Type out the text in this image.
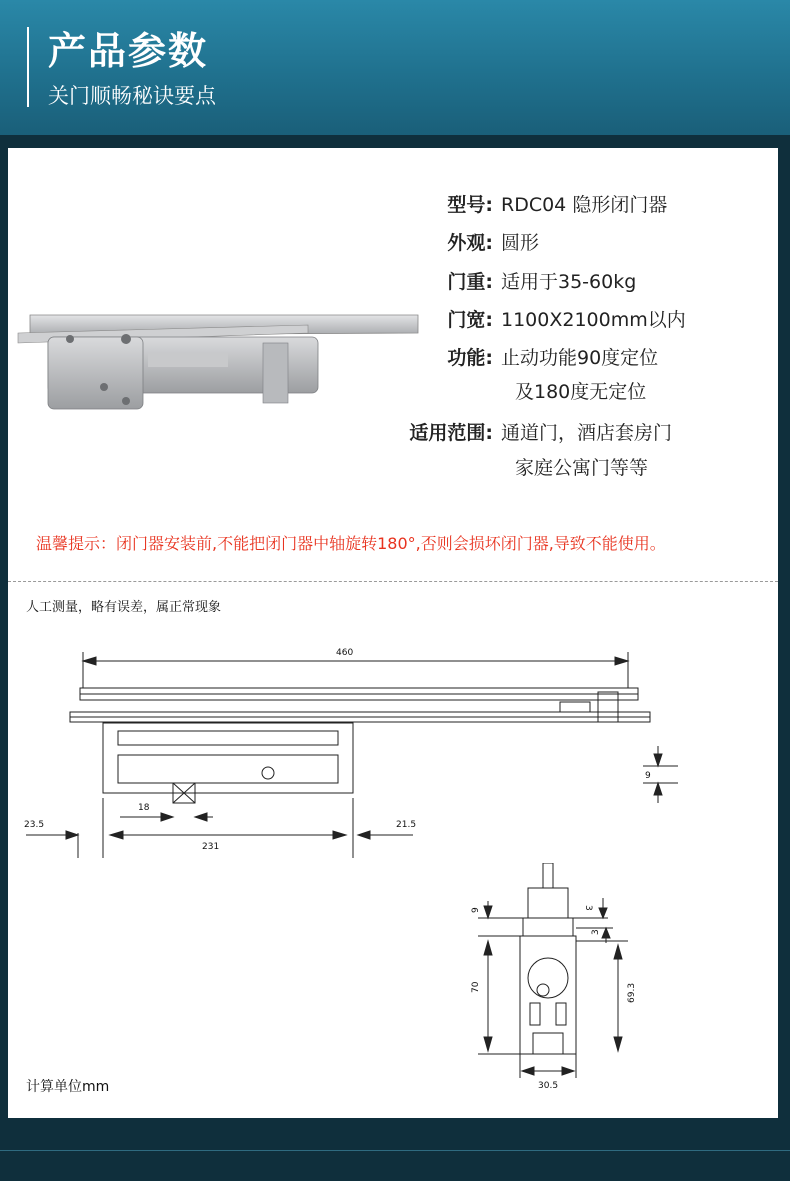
产品参数
关门顺畅秘诀要点
型号: RDC04 隐形闭门器
外观: 圆形
门重: 适用于35-60kg
门宽: 1100X2100mm以内
功能: 止动功能90度定位
及180度无定位
适用范围: 通道门，酒店套房门
家庭公寓门等等
温馨提示：闭门器安装前,不能把闭门器中轴旋转180°,否则会损坏闭门器,导致不能使用。
人工测量，略有误差，属正常现象
460
231
23.5	21.5
18
9
70	69.3
9	3
3
30.5
计算单位mm
